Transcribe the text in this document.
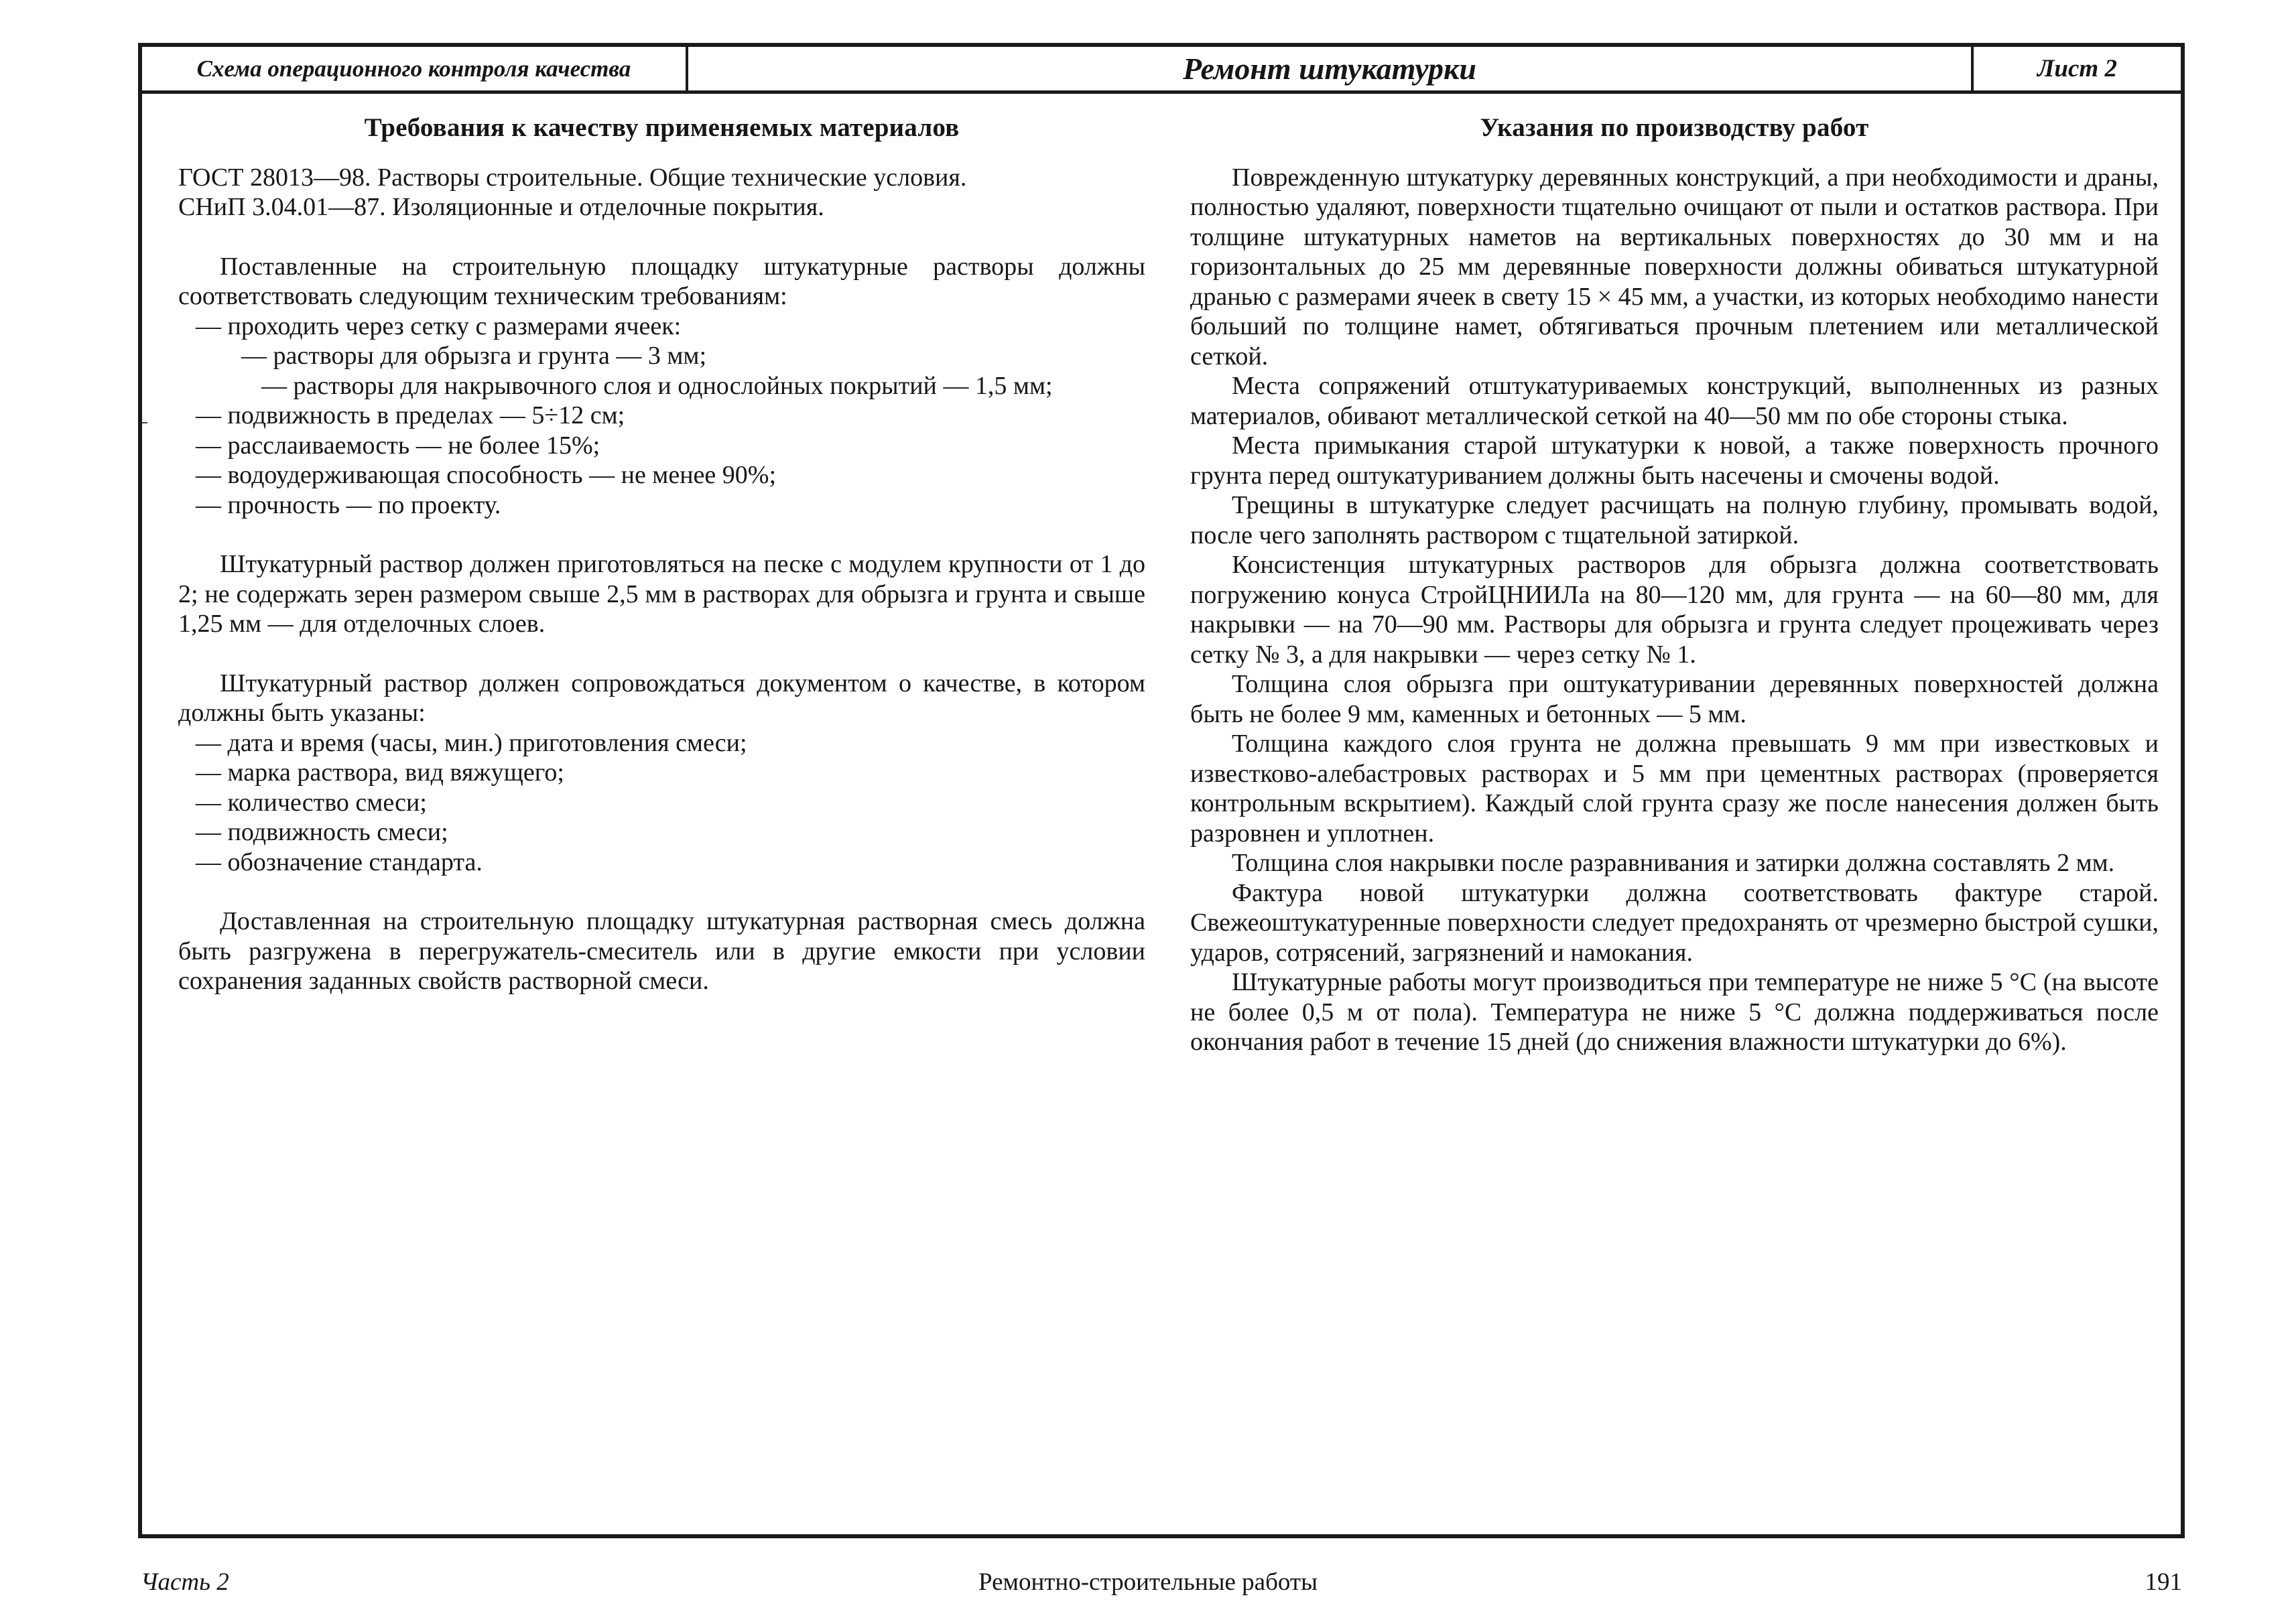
Схема операционного контроля качества	Ремонт штукатурки	Лист 2
Требования к качеству применяемых материалов

ГОСТ 28013—98. Растворы строительные. Общие технические условия.

СНиП 3.04.01—87. Изоляционные и отделочные покрытия.

Поставленные на строительную площадку штукатурные растворы должны соответствовать следующим техническим требованиям:

— проходить через сетку с размерами ячеек:

— растворы для обрызга и грунта — 3 мм;

— растворы для накрывочного слоя и однослойных покрытий — 1,5 мм;

— подвижность в пределах — 5÷12 см;

— расслаиваемость — не более 15%;

— водоудерживающая способность — не менее 90%;

— прочность — по проекту.

Штукатурный раствор должен приготовляться на песке с модулем крупности от 1 до 2; не содержать зерен размером свыше 2,5 мм в растворах для обрызга и грунта и свыше 1,25 мм — для отделочных слоев.

Штукатурный раствор должен сопровождаться документом о качестве, в котором должны быть указаны:

— дата и время (часы, мин.) приготовления смеси;

— марка раствора, вид вяжущего;

— количество смеси;

— подвижность смеси;

— обозначение стандарта.

Доставленная на строительную площадку штукатурная растворная смесь должна быть разгружена в перегружатель-смеситель или в другие емкости при условии сохранения заданных свойств растворной смеси.

Указания по производству работ

Поврежденную штукатурку деревянных конструкций, а при необходимости и драны, полностью удаляют, поверхности тщательно очищают от пыли и остатков раствора. При толщине штукатурных наметов на вертикальных поверхностях до 30 мм и на горизонтальных до 25 мм деревянные поверхности должны обиваться штукатурной дранью с размерами ячеек в свету 15 × 45 мм, а участки, из которых необходимо нанести больший по толщине намет, обтягиваться прочным плетением или металлической сеткой.

Места сопряжений отштукатуриваемых конструкций, выполненных из разных материалов, обивают металлической сеткой на 40—50 мм по обе стороны стыка.

Места примыкания старой штукатурки к новой, а также поверхность прочного грунта перед оштукатуриванием должны быть насечены и смочены водой.

Трещины в штукатурке следует расчищать на полную глубину, промывать водой, после чего заполнять раствором с тщательной затиркой.

Консистенция штукатурных растворов для обрызга должна соответствовать погружению конуса СтройЦНИИЛа на 80—120 мм, для грунта — на 60—80 мм, для накрывки — на 70—90 мм. Растворы для обрызга и грунта следует процеживать через сетку № 3, а для накрывки — через сетку № 1.

Толщина слоя обрызга при оштукатуривании деревянных поверхностей должна быть не более 9 мм, каменных и бетонных — 5 мм.

Толщина каждого слоя грунта не должна превышать 9 мм при известковых и известково-алебастровых растворах и 5 мм при цементных растворах (проверяется контрольным вскрытием). Каждый слой грунта сразу же после нанесения должен быть разровнен и уплотнен.

Толщина слоя накрывки после разравнивания и затирки должна составлять 2 мм.

Фактура новой штукатурки должна соответствовать фактуре старой. Свежеоштукатуренные поверхности следует предохранять от чрезмерно быстрой сушки, ударов, сотрясений, загрязнений и намокания.

Штукатурные работы могут производиться при температуре не ниже 5 °С (на высоте не более 0,5 м от пола). Температура не ниже 5 °С должна поддерживаться после окончания работ в течение 15 дней (до снижения влажности штукатурки до 6%).

Часть 2	Ремонтно-строительные работы	191
